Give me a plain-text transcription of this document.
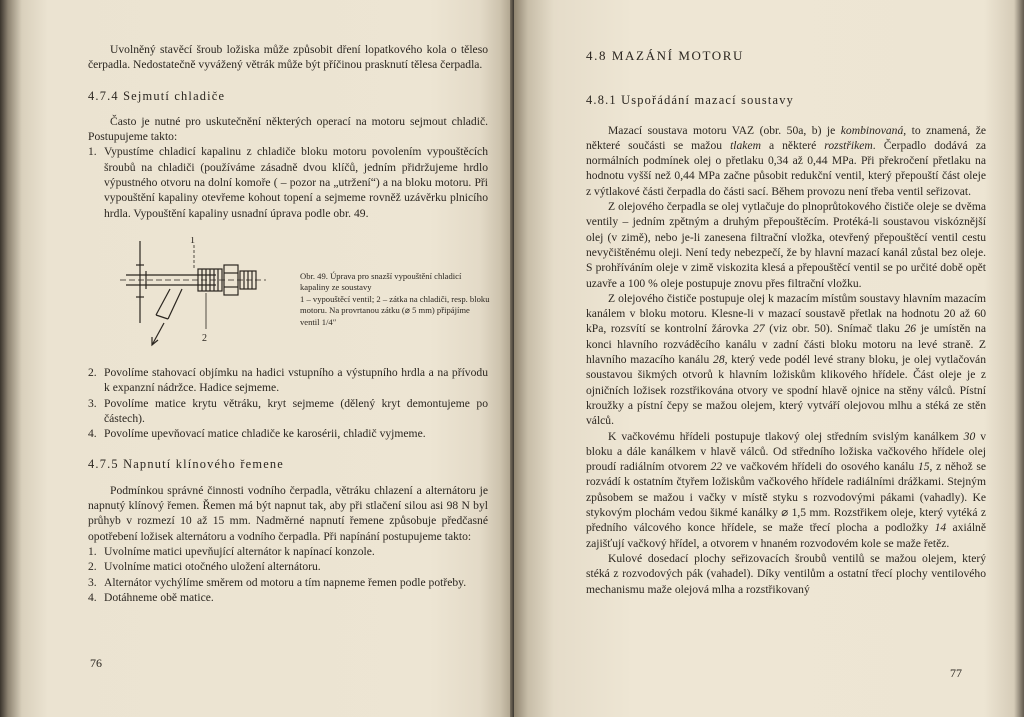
Uvolněný stavěcí šroub ložiska může způsobit dření lopatkového kola o těleso čerpadla. Nedostatečně vyvážený větrák může být příčinou prasknutí tělesa čerpadla.

4.7.4 Sejmutí chladiče

Často je nutné pro uskutečnění některých operací na motoru sejmout chladič. Postupujeme takto:

1. Vypustíme chladicí kapalinu z chladiče bloku motoru povolením vypouštěcích šroubů na chladiči (používáme zásadně dvou klíčů, jedním přidržujeme hrdlo výpustného otvoru na dolní komoře ( – pozor na „utržení“) a na bloku motoru. Při vypouštění kapaliny otevřeme kohout topení a sejmeme rovněž uzávěrku plnicího hrdla. Vypouštění kapaliny usnadní úprava podle obr. 49.
1
2

Obr. 49. Úprava pro snazší vypouštění chladicí kapaliny ze soustavy

1 – vypouštěcí ventil; 2 – zátka na chladiči, resp. bloku motoru. Na provrtanou zátku (⌀ 5 mm) připájíme ventil 1/4″

2. Povolíme stahovací objímku na hadici vstupního a výstupního hrdla a na přívodu k expanzní nádržce. Hadice sejmeme.
3. Povolíme matice krytu větráku, kryt sejmeme (dělený kryt demontujeme po částech).
4. Povolíme upevňovací matice chladiče ke karosérii, chladič vyjmeme.
4.7.5 Napnutí klínového řemene

Podmínkou správné činnosti vodního čerpadla, větráku chlazení a alternátoru je napnutý klínový řemen. Řemen má být napnut tak, aby při stlačení silou asi 98 N byl průhyb v rozmezí 10 až 15 mm. Nadměrné napnutí řemene způsobuje předčasné opotřebení ložisek alternátoru a vodního čerpadla. Při napínání postupujeme takto:

1. Uvolníme matici upevňující alternátor k napínací konzole.
2. Uvolníme matici otočného uložení alternátoru.
3. Alternátor vychýlíme směrem od motoru a tím napneme řemen podle potřeby.
4. Dotáhneme obě matice.
76
4.8 MAZÁNÍ MOTORU
4.8.1 Uspořádání mazací soustavy

Mazací soustava motoru VAZ (obr. 50a, b) je kombinovaná, to znamená, že některé součásti se mažou tlakem a některé rozstřikem. Čerpadlo dodává za normálních podmínek olej o přetlaku 0,34 až 0,44 MPa. Při překročení přetlaku na hodnotu vyšší než 0,44 MPa začne působit redukční ventil, který přepouští část oleje z výtlakové části čerpadla do části sací. Během provozu není třeba ventil seřizovat.

Z olejového čerpadla se olej vytlačuje do plnoprůtokového čističe oleje se dvěma ventily – jedním zpětným a druhým přepouštěcím. Protéká-li soustavou viskóznější olej (v zimě), nebo je-li zanesena filtrační vložka, otevřený přepouštěcí ventil cestu nevyčištěnému oleji. Není tedy nebezpečí, že by hlavní mazací kanál zůstal bez oleje. S prohříváním oleje v zimě viskozita klesá a přepouštěcí ventil se po určité době opět uzavře a 100 % oleje postupuje znovu přes filtrační vložku.

Z olejového čističe postupuje olej k mazacím místům soustavy hlavním mazacím kanálem v bloku motoru. Klesne-li v mazací soustavě přetlak na hodnotu 20 až 60 kPa, rozsvítí se kontrolní žárovka 27 (viz obr. 50). Snímač tlaku 26 je umístěn na konci hlavního rozváděcího kanálu v zadní části bloku motoru na levé straně. Z hlavního mazacího kanálu 28, který vede podél levé strany bloku, je olej vytlačován soustavou šikmých otvorů k hlavním ložiskům klikového hřídele. Část oleje je z ojničních ložisek rozstřikována otvory ve spodní hlavě ojnice na stěny válců. Pístní kroužky a pístní čepy se mažou olejem, který vytváří olejovou mlhu a stéká ze stěn válců.

K vačkovému hřídeli postupuje tlakový olej středním svislým kanálkem 30 v bloku a dále kanálkem v hlavě válců. Od středního ložiska vačkového hřídele olej proudí radiálním otvorem 22 ve vačkovém hřídeli do osového kanálu 15, z něhož se rozvádí k ostatním čtyřem ložiskům vačkového hřídele radiálními drážkami. Stejným způsobem se mažou i vačky v místě styku s rozvodovými pákami (vahadly). Ke stykovým plochám vedou šikmé kanálky ⌀ 1,5 mm. Rozstřikem oleje, který vytéká z předního válcového konce hřídele, se maže třecí plocha a podložky 14 axiálně zajišťují vačkový hřídel, a otvorem v hnaném rozvodovém kole se maže řetěz.

Kulové dosedací plochy seřizovacích šroubů ventilů se mažou olejem, který stéká z rozvodových pák (vahadel). Díky ventilům a ostatní třecí plochy ventilového mechanismu maže olejová mlha a rozstřikovaný

77
